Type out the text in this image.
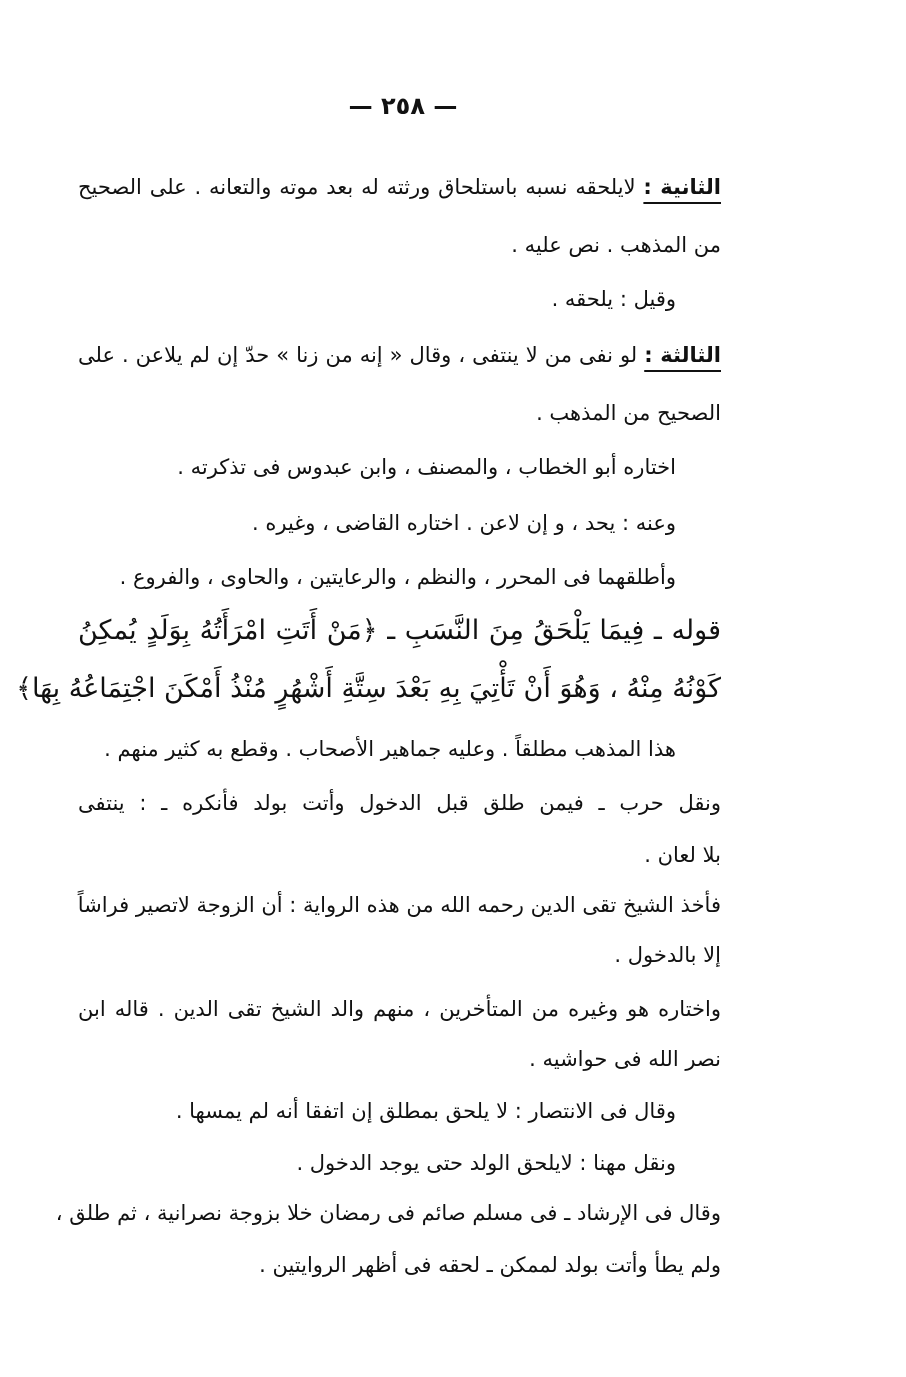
— ٢٥٨ —
الثانية : لايلحقه نسبه باستلحاق ورثته له بعد موته والتعانه . على الصحيح
من المذهب . نص عليه .
وقيل : يلحقه .
الثالثة : لو نفى من لا ينتفى ، وقال « إنه من زنا » حدّ إن لم يلاعن . على
الصحيح من المذهب .
اختاره أبو الخطاب ، والمصنف ، وابن عبدوس فى تذكرته .
وعنه : يحد ، و إن لاعن . اختاره القاضى ، وغيره .
وأطلقهما فى المحرر ، والنظم ، والرعايتين ، والحاوى ، والفروع .
قوله ـ فِيمَا يَلْحَقُ مِنَ النَّسَبِ ـ ﴿مَنْ أَتَتِ امْرَأَتُهُ بِوَلَدٍ يُمكِنُ
كَوْنُهُ مِنْهُ ، وَهُوَ أَنْ تَأْتِيَ بِهِ بَعْدَ سِتَّةِ أَشْهُرٍ مُنْذُ أَمْكَنَ اجْتِمَاعُهُ بِهَا﴾
هذا المذهب مطلقاً . وعليه جماهير الأصحاب . وقطع به كثير منهم .
ونقل حرب ـ فيمن طلق قبل الدخول وأتت بولد فأنكره ـ : ينتفى
بلا لعان .
فأخذ الشيخ تقى الدين رحمه الله من هذه الرواية : أن الزوجة لاتصير فراشاً
إلا بالدخول .
واختاره هو وغيره من المتأخرين ، منهم والد الشيخ تقى الدين . قاله ابن
نصر الله فى حواشيه .
وقال فى الانتصار : لا يلحق بمطلق إن اتفقا أنه لم يمسها .
ونقل مهنا : لايلحق الولد حتى يوجد الدخول .
وقال فى الإرشاد ـ فى مسلم صائم فى رمضان خلا بزوجة نصرانية ، ثم طلق ،
ولم يطأ وأتت بولد لممكن ـ لحقه فى أظهر الروايتين .
